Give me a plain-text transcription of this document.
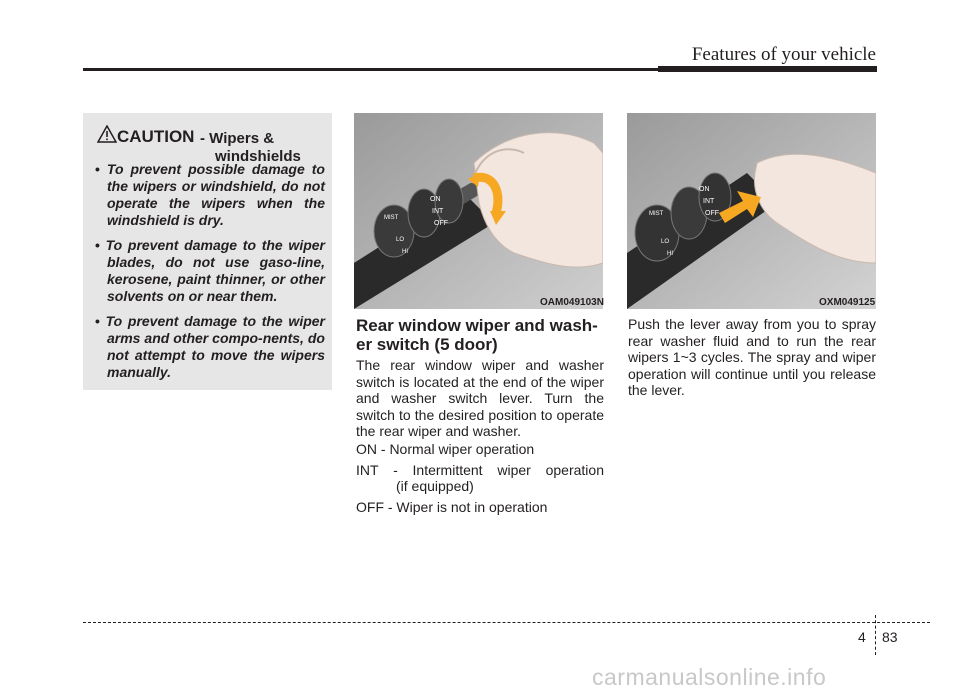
Features of your vehicle
CAUTION - Wipers &
windshields
• To prevent possible damage to the wipers or windshield, do not operate the wipers when the windshield is dry.
• To prevent damage to the wiper blades, do not use gaso-line, kerosene, paint thinner, or other solvents on or near them.
• To prevent damage to the wiper arms and other compo-nents, do not attempt to move the wipers manually.
MIST
ON
INT
OFF
LO
HI
OAM049103N
MIST
ON
INT
OFF
LO
HI
OXM049125
Rear window wiper and wash-er switch (5 door)
The rear window wiper and washer switch is located at the end of the wiper and washer switch lever. Turn the switch to the desired position to operate the rear wiper and washer.
ON - Normal wiper operation
INT - Intermittent wiper operation
(if equipped)
OFF - Wiper is not in operation
Push the lever away from you to spray rear washer fluid and to run the rear wipers 1~3 cycles. The spray and wiper operation will continue until you release the lever.
4 83
carmanualsonline.info
